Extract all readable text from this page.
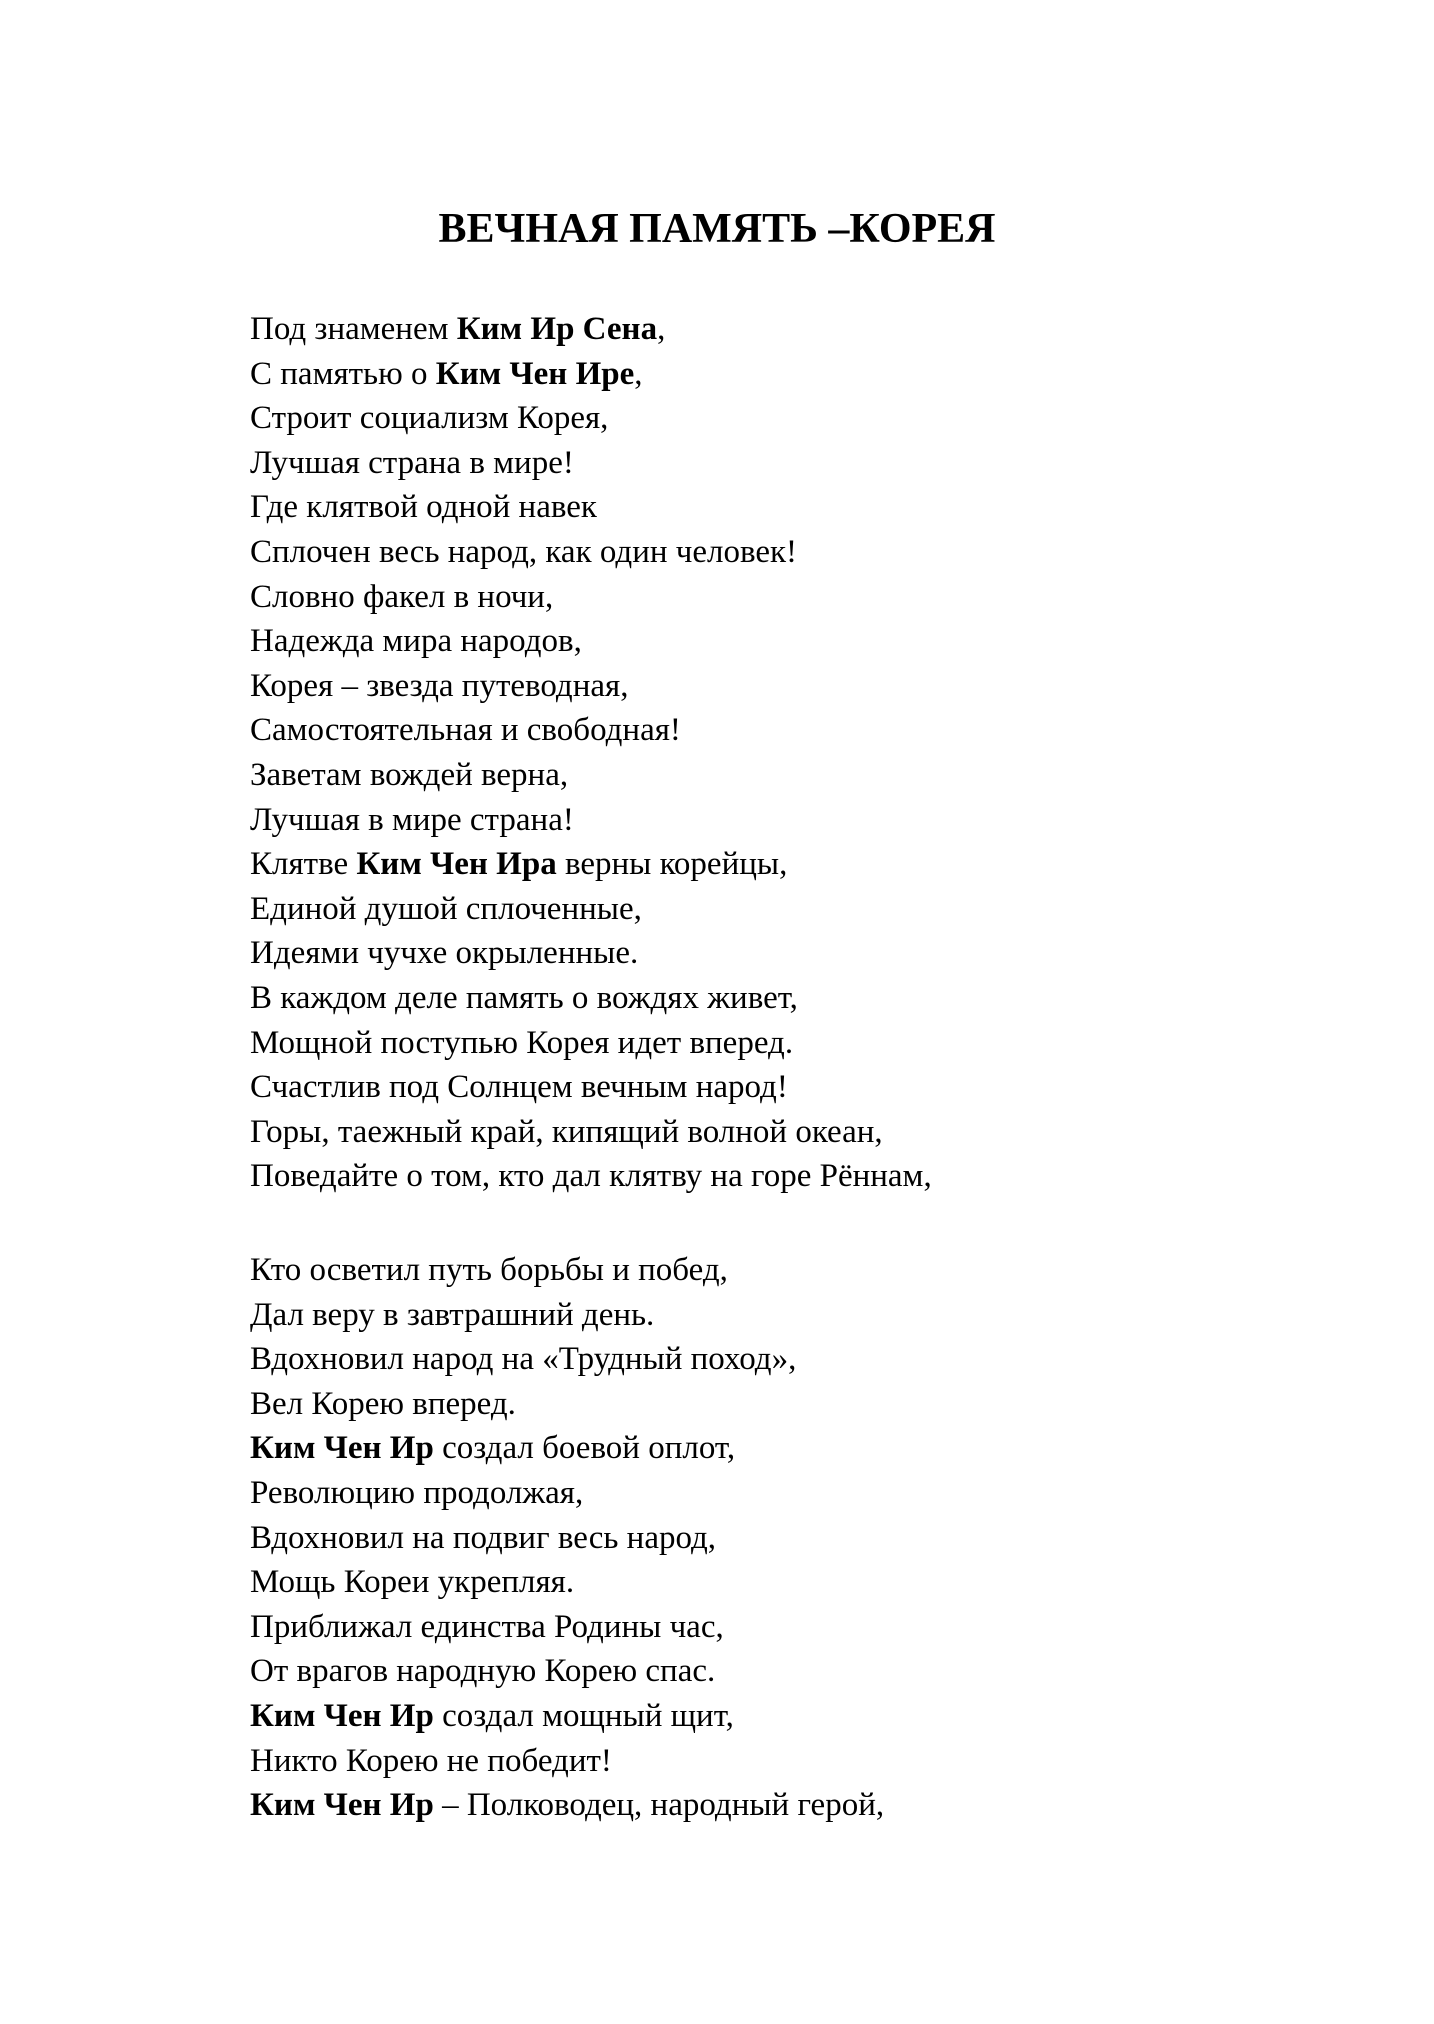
ВЕЧНАЯ ПАМЯТЬ –КОРЕЯ
Под знаменем Ким Ир Сена,
С памятью о Ким Чен Ире,
Строит социализм Корея,
Лучшая страна в мире!
Где клятвой одной навек
Сплочен весь народ, как один человек!
Словно факел в ночи,
Надежда мира народов,
Корея – звезда путеводная,
Самостоятельная и свободная!
Заветам вождей верна,
Лучшая в мире страна!
Клятве Ким Чен Ира верны корейцы,
Единой душой сплоченные,
Идеями чучхе окрыленные.
В каждом деле память о вождях живет,
Мощной поступью Корея идет вперед.
Счастлив под Солнцем вечным народ!
Горы, таежный край, кипящий волной океан,
Поведайте о том, кто дал клятву на горе Рённам,
Кто осветил путь борьбы и побед,
Дал веру в завтрашний день.
Вдохновил народ на «Трудный поход»,
Вел Корею вперед.
Ким Чен Ир создал боевой оплот,
Революцию продолжая,
Вдохновил на подвиг весь народ,
Мощь Кореи укрепляя.
Приближал единства Родины час,
От врагов народную Корею спас.
Ким Чен Ир создал мощный щит,
Никто Корею не победит!
Ким Чен Ир – Полководец, народный герой,
